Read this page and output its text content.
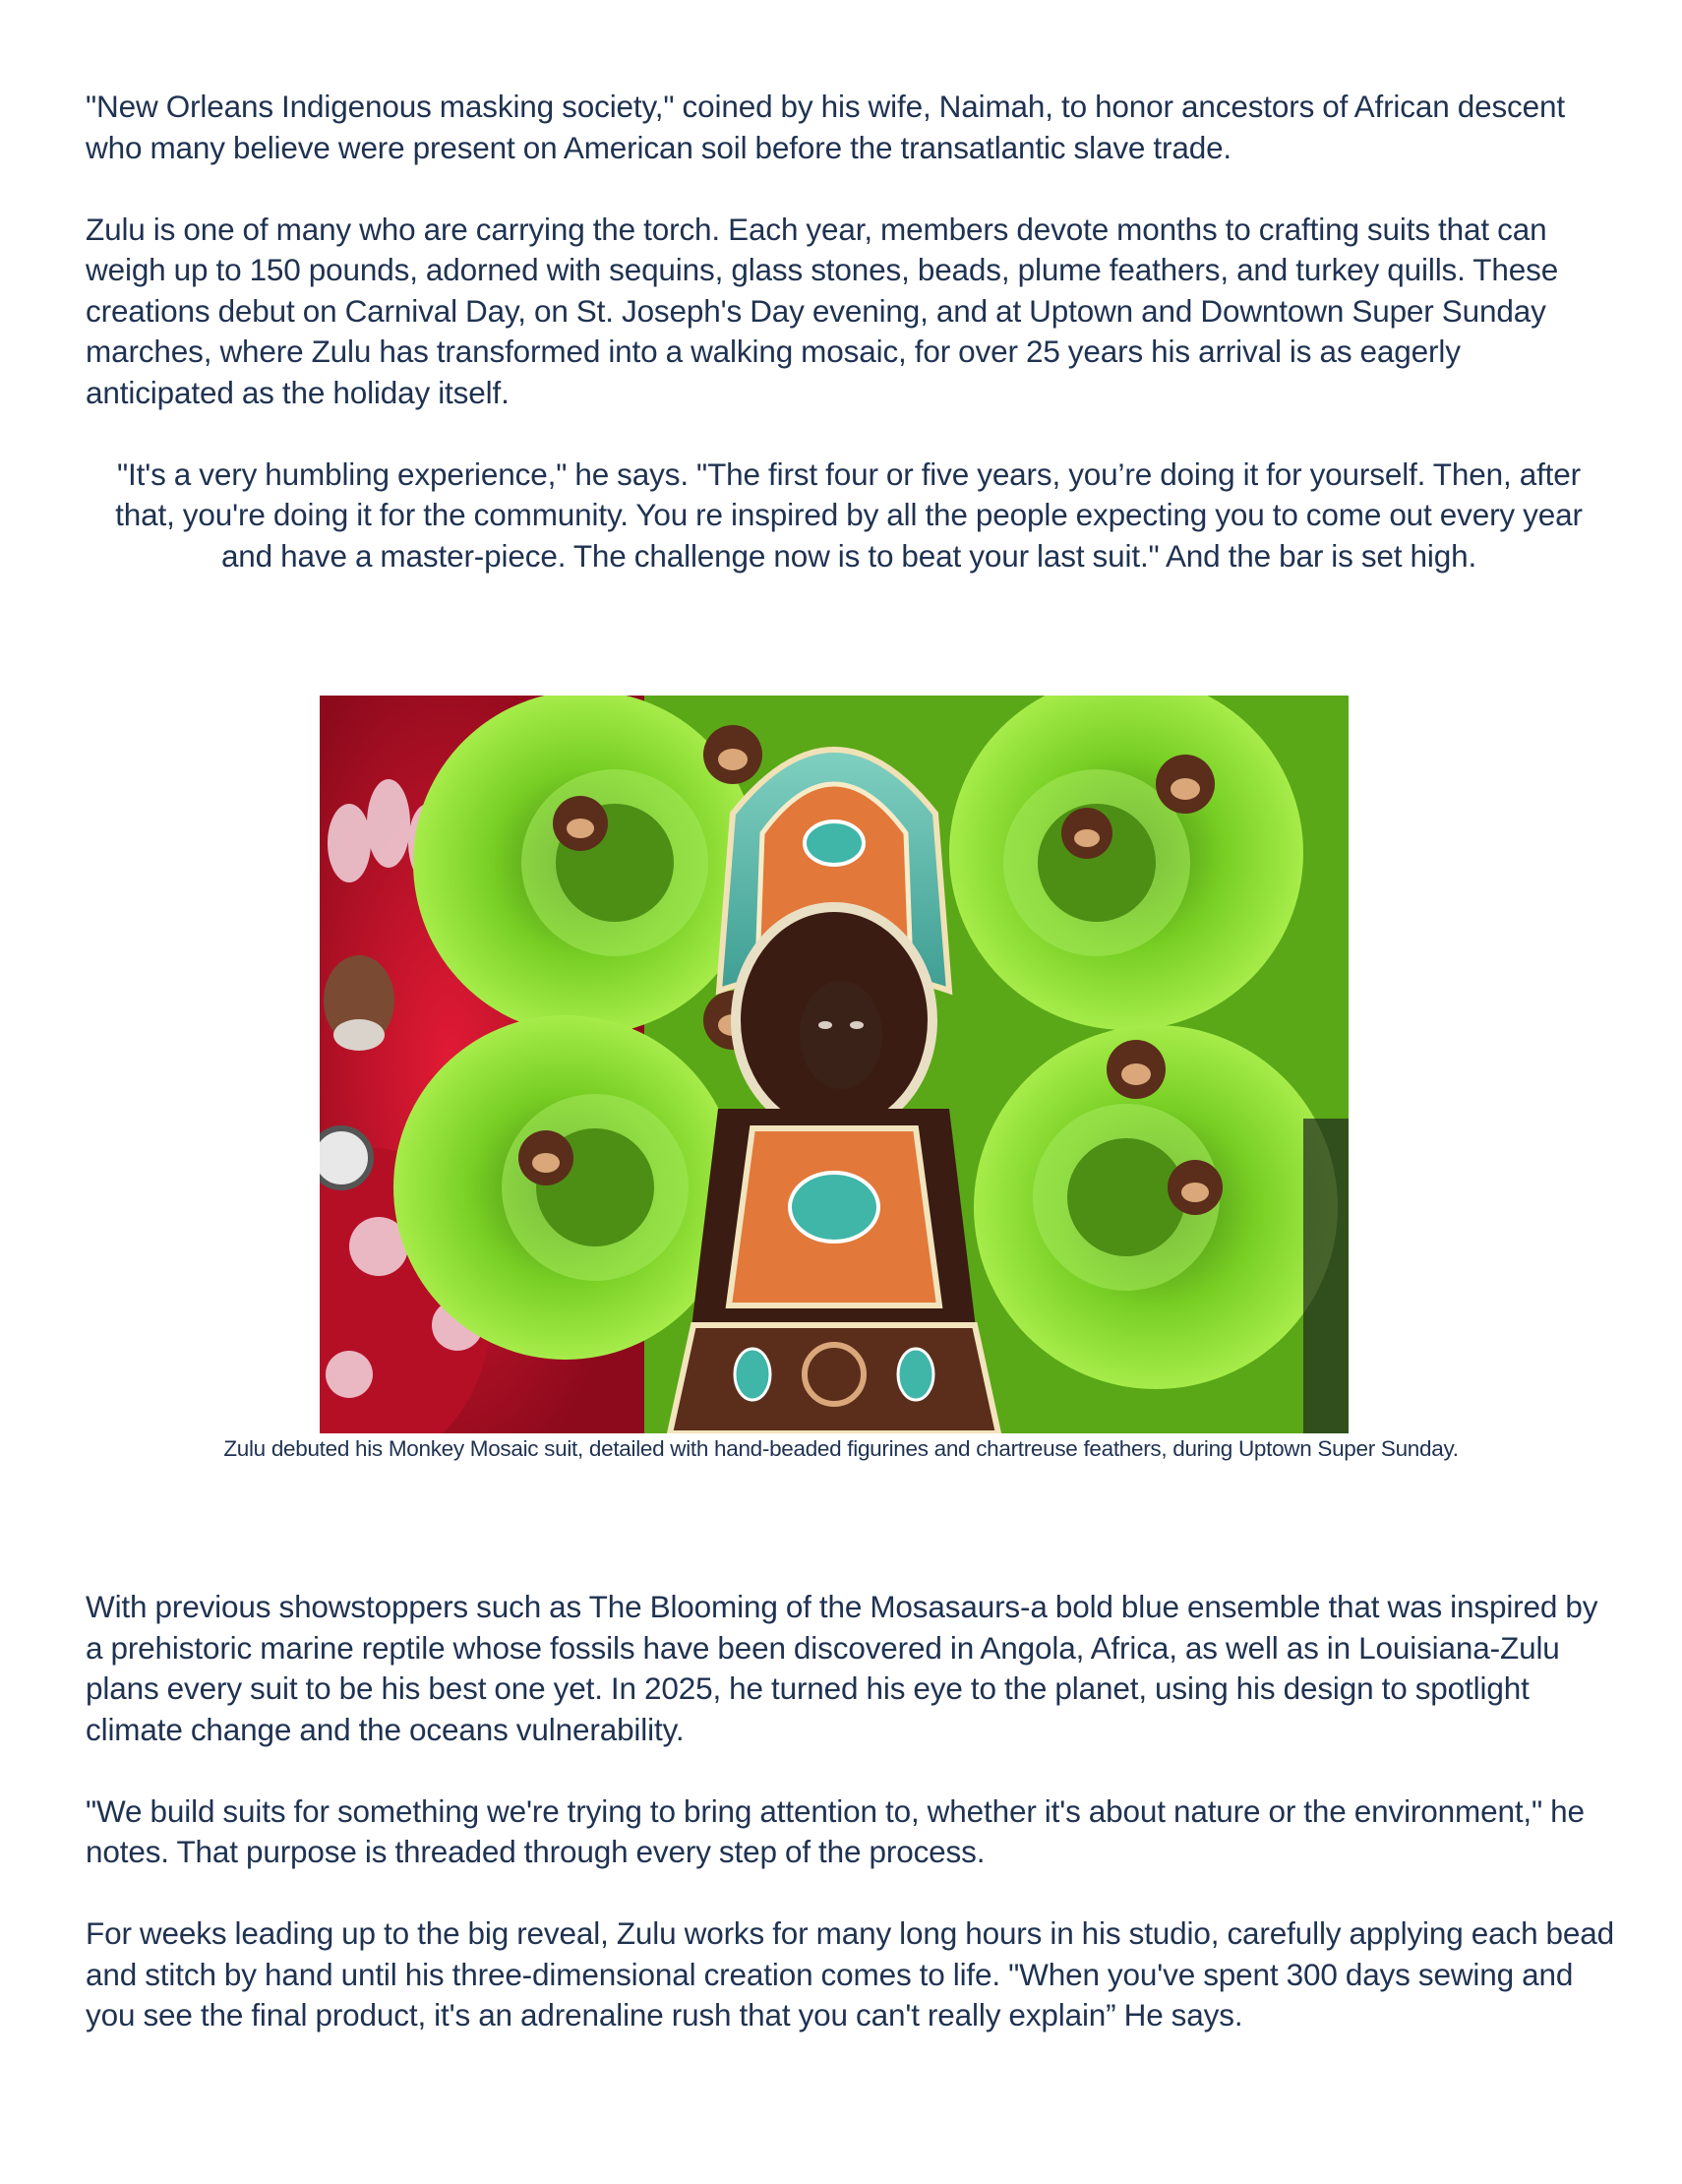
"New Orleans Indigenous masking society," coined by his wife, Naimah, to honor ancestors of African descent who many believe were present on American soil before the transatlantic slave trade.

Zulu is one of many who are carrying the torch. Each year, members devote months to crafting suits that can weigh up to 150 pounds, adorned with sequins, glass stones, beads, plume feathers, and turkey quills. These creations debut on Carnival Day, on St. Joseph's Day evening, and at Uptown and Downtown Super Sunday marches, where Zulu has transformed into a walking mosaic, for over 25 years his arrival is as eagerly anticipated as the holiday itself.

"It's a very humbling experience," he says. "The first four or five years, you’re doing it for yourself. Then, after that, you're doing it for the community. You re inspired by all the people expecting you to come out every year and have a master-piece. The challenge now is to beat your last suit." And the bar is set high.

Zulu debuted his Monkey Mosaic suit, detailed with hand-beaded figurines and chartreuse feathers, during Uptown Super Sunday.

With previous showstoppers such as The Blooming of the Mosasaurs-a bold blue ensemble that was inspired by a prehistoric marine reptile whose fossils have been discovered in Angola, Africa, as well as in Louisiana-Zulu plans every suit to be his best one yet. In 2025, he turned his eye to the planet, using his design to spotlight climate change and the oceans vulnerability.

"We build suits for something we're trying to bring attention to, whether it's about nature or the environment," he notes. That purpose is threaded through every step of the process.

For weeks leading up to the big reveal, Zulu works for many long hours in his studio, carefully applying each bead and stitch by hand until his three-dimensional creation comes to life. "When you've spent 300 days sewing and you see the final product, it's an adrenaline rush that you can't really explain” He says.
